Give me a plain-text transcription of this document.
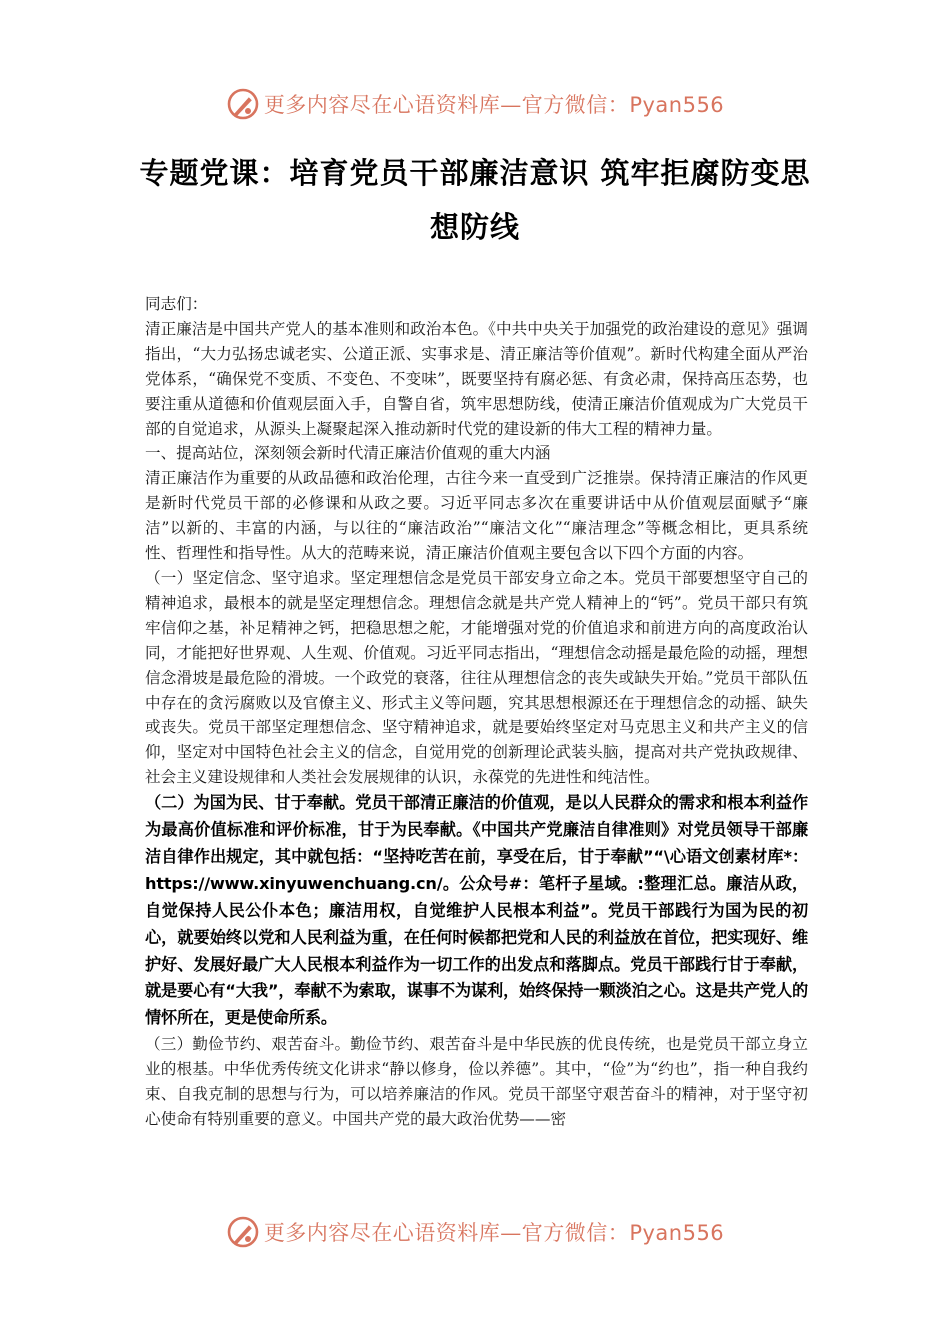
更多内容尽在心语资料库—官方微信：Pyan556
专题党课：培育党员干部廉洁意识 筑牢拒腐防变思想防线

同志们：

清正廉洁是中国共产党人的基本准则和政治本色。《中共中央关于加强党的政治建设的意见》强调指出，“大力弘扬忠诚老实、公道正派、实事求是、清正廉洁等价值观”。新时代构建全面从严治党体系，“确保党不变质、不变色、不变味”，既要坚持有腐必惩、有贪必肃，保持高压态势，也要注重从道德和价值观层面入手，自警自省，筑牢思想防线，使清正廉洁价值观成为广大党员干部的自觉追求，从源头上凝聚起深入推动新时代党的建设新的伟大工程的精神力量。

一、提高站位，深刻领会新时代清正廉洁价值观的重大内涵

清正廉洁作为重要的从政品德和政治伦理，古往今来一直受到广泛推崇。保持清正廉洁的作风更是新时代党员干部的必修课和从政之要。习近平同志多次在重要讲话中从价值观层面赋予“廉洁”以新的、丰富的内涵，与以往的“廉洁政治”“廉洁文化”“廉洁理念”等概念相比，更具系统性、哲理性和指导性。从大的范畴来说，清正廉洁价值观主要包含以下四个方面的内容。

（一）坚定信念、坚守追求。坚定理想信念是党员干部安身立命之本。党员干部要想坚守自己的精神追求，最根本的就是坚定理想信念。理想信念就是共产党人精神上的“钙”。党员干部只有筑牢信仰之基，补足精神之钙，把稳思想之舵，才能增强对党的价值追求和前进方向的高度政治认同，才能把好世界观、人生观、价值观。习近平同志指出，“理想信念动摇是最危险的动摇，理想信念滑坡是最危险的滑坡。一个政党的衰落，往往从理想信念的丧失或缺失开始。”党员干部队伍中存在的贪污腐败以及官僚主义、形式主义等问题，究其思想根源还在于理想信念的动摇、缺失或丧失。党员干部坚定理想信念、坚守精神追求，就是要始终坚定对马克思主义和共产主义的信仰，坚定对中国特色社会主义的信念，自觉用党的创新理论武装头脑，提高对共产党执政规律、社会主义建设规律和人类社会发展规律的认识，永葆党的先进性和纯洁性。

（二）为国为民、甘于奉献。党员干部清正廉洁的价值观，是以人民群众的需求和根本利益作为最高价值标准和评价标准，甘于为民奉献。《中国共产党廉洁自律准则》对党员领导干部廉洁自律作出规定，其中就包括：“坚持吃苦在前，享受在后，甘于奉献”“\心语文创素材库*：https://www.xinyuwenchuang.cn/。公众号#：笔杆子星域。:整理汇总。廉洁从政，自觉保持人民公仆本色；廉洁用权，自觉维护人民根本利益”。党员干部践行为国为民的初心，就要始终以党和人民利益为重，在任何时候都把党和人民的利益放在首位，把实现好、维护好、发展好最广大人民根本利益作为一切工作的出发点和落脚点。党员干部践行甘于奉献，就是要心有“大我”，奉献不为索取，谋事不为谋利，始终保持一颗淡泊之心。这是共产党人的情怀所在，更是使命所系。

（三）勤俭节约、艰苦奋斗。勤俭节约、艰苦奋斗是中华民族的优良传统，也是党员干部立身立业的根基。中华优秀传统文化讲求“静以修身，俭以养德”。其中，“俭”为“约也”，指一种自我约束、自我克制的思想与行为，可以培养廉洁的作风。党员干部坚守艰苦奋斗的精神，对于坚守初心使命有特别重要的意义。中国共产党的最大政治优势——密

更多内容尽在心语资料库—官方微信：Pyan556
